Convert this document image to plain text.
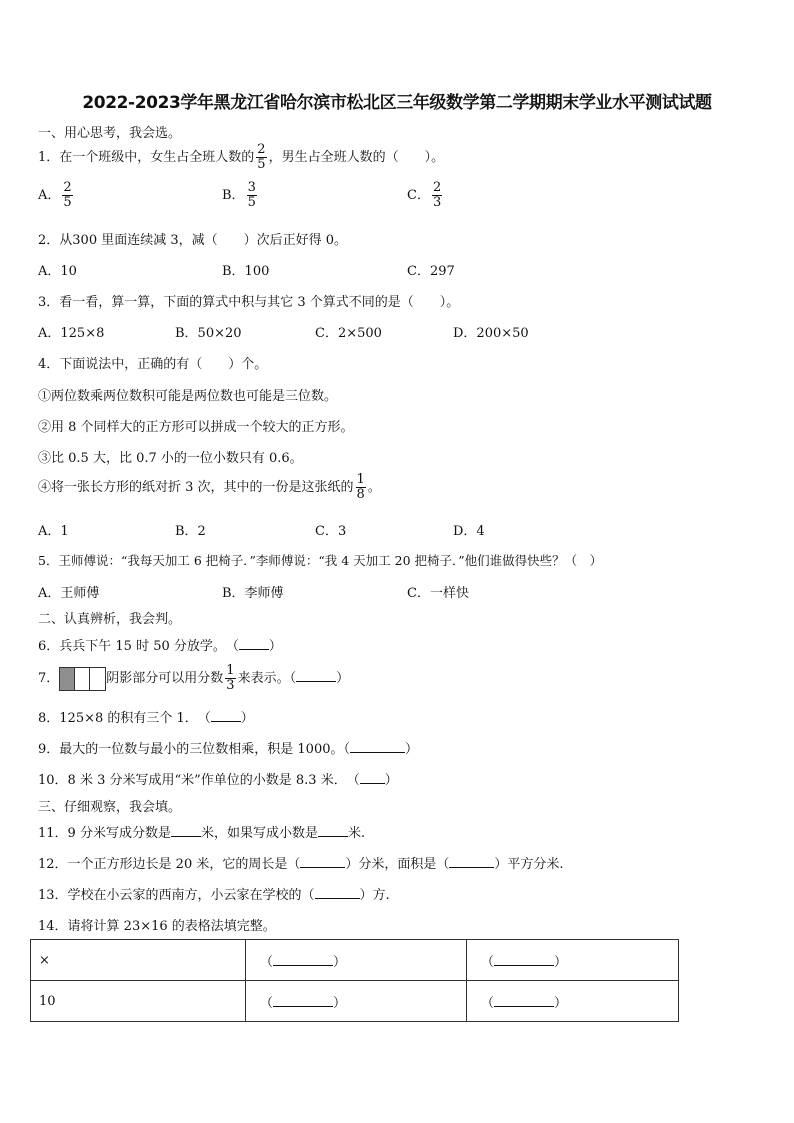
2022-2023学年黑龙江省哈尔滨市松北区三年级数学第二学期期末学业水平测试试题
一、用心思考，我会选。
1．在一个班级中，女生占全班人数的 $\frac{2}{5}$ ，男生占全班人数的（　　）。
A． $\frac{2}{5}$	B． $\frac{3}{5}$	C． $\frac{2}{3}$
2．从300 里面连续减 3，减（　　）次后正好得 0。
A．10	B．100	C．297
3．看一看，算一算，下面的算式中积与其它 3 个算式不同的是（　　）。
A．125×8	B．50×20	C．2×500	D．200×50
4．下面说法中，正确的有（　　）个。
①两位数乘两位数积可能是两位数也可能是三位数。
②用 8 个同样大的正方形可以拼成一个较大的正方形。
③比 0.5 大，比 0.7 小的一位小数只有 0.6。
④将一张长方形的纸对折 3 次，其中的一份是这张纸的 $\frac{1}{8}$ 。
A．1	B．2	C．3	D．4
5．王师傅说：“我每天加工 6 把椅子．”李师傅说：“我 4 天加工 20 把椅子．”他们谁做得快些？（　）
A．王师傅	B．李师傅	C．一样快
二、认真辨析，我会判。
6．兵兵下午 15 时 50 分放学。　（ ）
7．	阴影部分可以用分数 $\frac{1}{3}$ 来表示。（	）
8．125×8 的积有三个 1．　（ ）
9．最大的一位数与最小的三位数相乘，积是 1000。（	）
10．8 米 3 分米写成用“米”作单位的小数是 8.3 米．　（ ）
三、仔细观察，我会填。
11．9 分米写成分数是 米，如果写成小数是 米.
12．一个正方形边长是 20 米，它的周长是（	）分米，面积是（	）平方分米.
13．学校在小云家的西南方，小云家在学校的（	）方.
14．请将计算 23×16 的表格法填完整。
×	（ ）	（ ）
10	（ ）	（ ）
